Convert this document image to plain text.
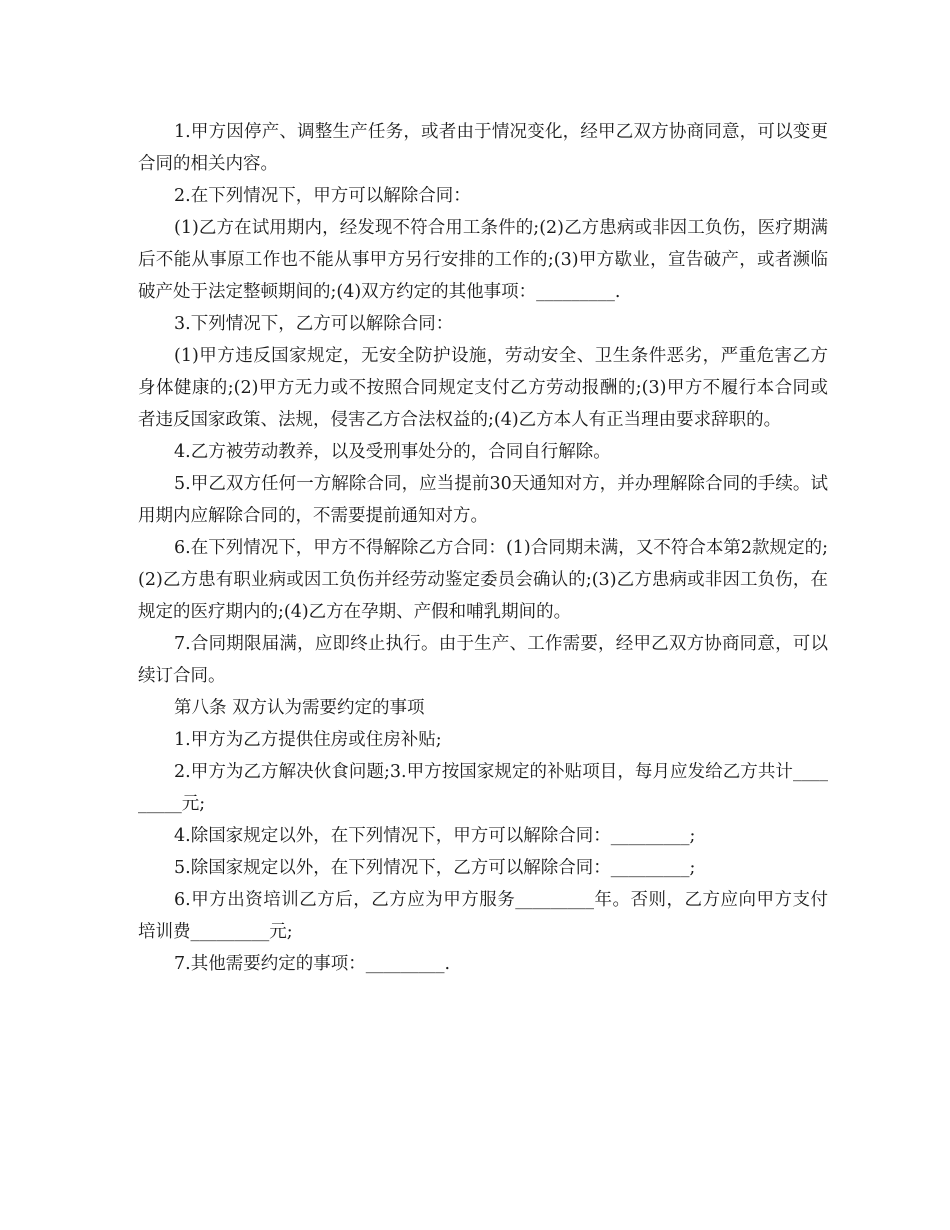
1.甲方因停产、调整生产任务，或者由于情况变化，经甲乙双方协商同意，可以变更合同的相关内容。

2.在下列情况下，甲方可以解除合同：

(1)乙方在试用期内，经发现不符合用工条件的;(2)乙方患病或非因工负伤，医疗期满后不能从事原工作也不能从事甲方另行安排的工作的;(3)甲方歇业，宣告破产，或者濒临破产处于法定整顿期间的;(4)双方约定的其他事项：_________.

3.下列情况下，乙方可以解除合同：

(1)甲方违反国家规定，无安全防护设施，劳动安全、卫生条件恶劣，严重危害乙方身体健康的;(2)甲方无力或不按照合同规定支付乙方劳动报酬的;(3)甲方不履行本合同或者违反国家政策、法规，侵害乙方合法权益的;(4)乙方本人有正当理由要求辞职的。

4.乙方被劳动教养，以及受刑事处分的，合同自行解除。

5.甲乙双方任何一方解除合同，应当提前30天通知对方，并办理解除合同的手续。试用期内应解除合同的，不需要提前通知对方。

6.在下列情况下，甲方不得解除乙方合同：(1)合同期未满，又不符合本第2款规定的;(2)乙方患有职业病或因工负伤并经劳动鉴定委员会确认的;(3)乙方患病或非因工负伤，在规定的医疗期内的;(4)乙方在孕期、产假和哺乳期间的。

7.合同期限届满，应即终止执行。由于生产、工作需要，经甲乙双方协商同意，可以续订合同。

第八条 双方认为需要约定的事项

1.甲方为乙方提供住房或住房补贴;

2.甲方为乙方解决伙食问题;3.甲方按国家规定的补贴项目，每月应发给乙方共计_________元;

4.除国家规定以外，在下列情况下，甲方可以解除合同：_________;

5.除国家规定以外，在下列情况下，乙方可以解除合同：_________;

6.甲方出资培训乙方后，乙方应为甲方服务_________年。否则，乙方应向甲方支付培训费_________元;

7.其他需要约定的事项：_________.
